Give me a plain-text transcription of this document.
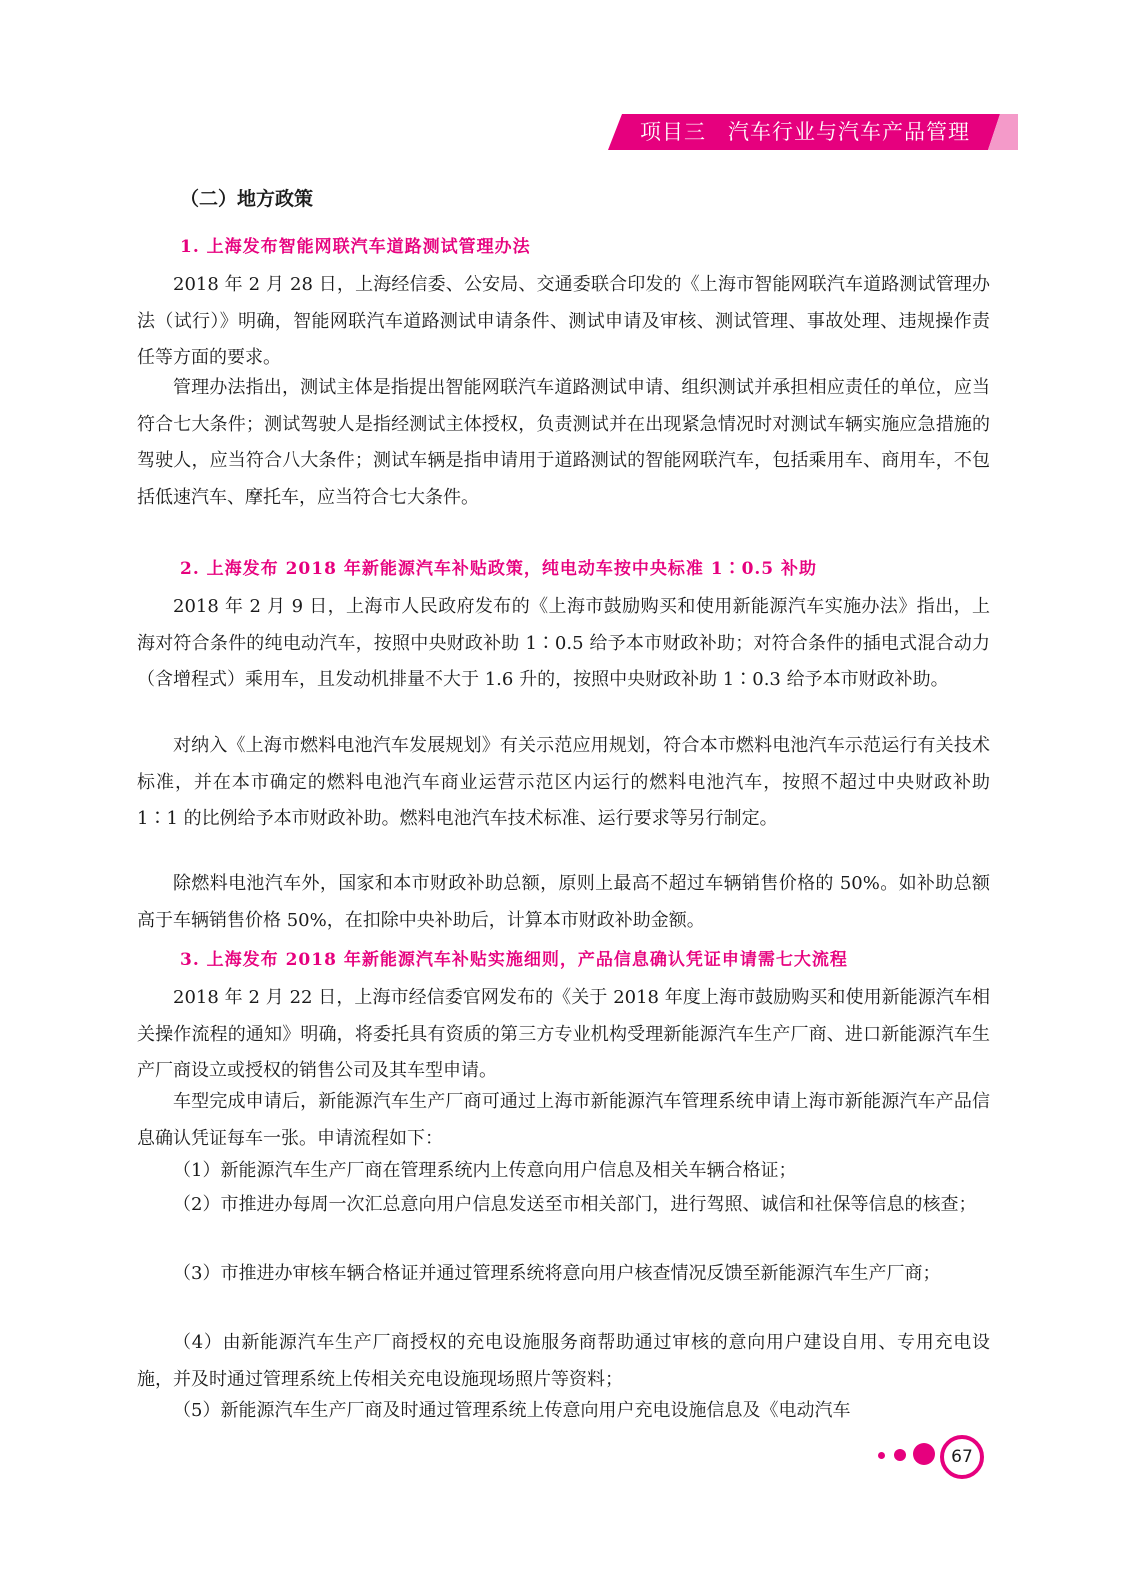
项目三 汽车行业与汽车产品管理
（二）地方政策
1. 上海发布智能网联汽车道路测试管理办法

2018 年 2 月 28 日，上海经信委、公安局、交通委联合印发的《上海市智能网联汽车道路测试管理办法（试行）》明确，智能网联汽车道路测试申请条件、测试申请及审核、测试管理、事故处理、违规操作责任等方面的要求。

管理办法指出，测试主体是指提出智能网联汽车道路测试申请、组织测试并承担相应责任的单位，应当符合七大条件；测试驾驶人是指经测试主体授权，负责测试并在出现紧急情况时对测试车辆实施应急措施的驾驶人，应当符合八大条件；测试车辆是指申请用于道路测试的智能网联汽车，包括乘用车、商用车，不包括低速汽车、摩托车，应当符合七大条件。

2. 上海发布 2018 年新能源汽车补贴政策，纯电动车按中央标准 1∶0.5 补助

2018 年 2 月 9 日，上海市人民政府发布的《上海市鼓励购买和使用新能源汽车实施办法》指出，上海对符合条件的纯电动汽车，按照中央财政补助 1∶0.5 给予本市财政补助；对符合条件的插电式混合动力（含增程式）乘用车，且发动机排量不大于 1.6 升的，按照中央财政补助 1∶0.3 给予本市财政补助。

对纳入《上海市燃料电池汽车发展规划》有关示范应用规划，符合本市燃料电池汽车示范运行有关技术标准，并在本市确定的燃料电池汽车商业运营示范区内运行的燃料电池汽车，按照不超过中央财政补助 1∶1 的比例给予本市财政补助。燃料电池汽车技术标准、运行要求等另行制定。

除燃料电池汽车外，国家和本市财政补助总额，原则上最高不超过车辆销售价格的 50%。如补助总额高于车辆销售价格 50%，在扣除中央补助后，计算本市财政补助金额。

3. 上海发布 2018 年新能源汽车补贴实施细则，产品信息确认凭证申请需七大流程

2018 年 2 月 22 日，上海市经信委官网发布的《关于 2018 年度上海市鼓励购买和使用新能源汽车相关操作流程的通知》明确，将委托具有资质的第三方专业机构受理新能源汽车生产厂商、进口新能源汽车生产厂商设立或授权的销售公司及其车型申请。

车型完成申请后，新能源汽车生产厂商可通过上海市新能源汽车管理系统申请上海市新能源汽车产品信息确认凭证每车一张。申请流程如下：

（1）新能源汽车生产厂商在管理系统内上传意向用户信息及相关车辆合格证；

（2）市推进办每周一次汇总意向用户信息发送至市相关部门，进行驾照、诚信和社保等信息的核查；

（3）市推进办审核车辆合格证并通过管理系统将意向用户核查情况反馈至新能源汽车生产厂商；

（4）由新能源汽车生产厂商授权的充电设施服务商帮助通过审核的意向用户建设自用、专用充电设施，并及时通过管理系统上传相关充电设施现场照片等资料；

（5）新能源汽车生产厂商及时通过管理系统上传意向用户充电设施信息及《电动汽车

67
